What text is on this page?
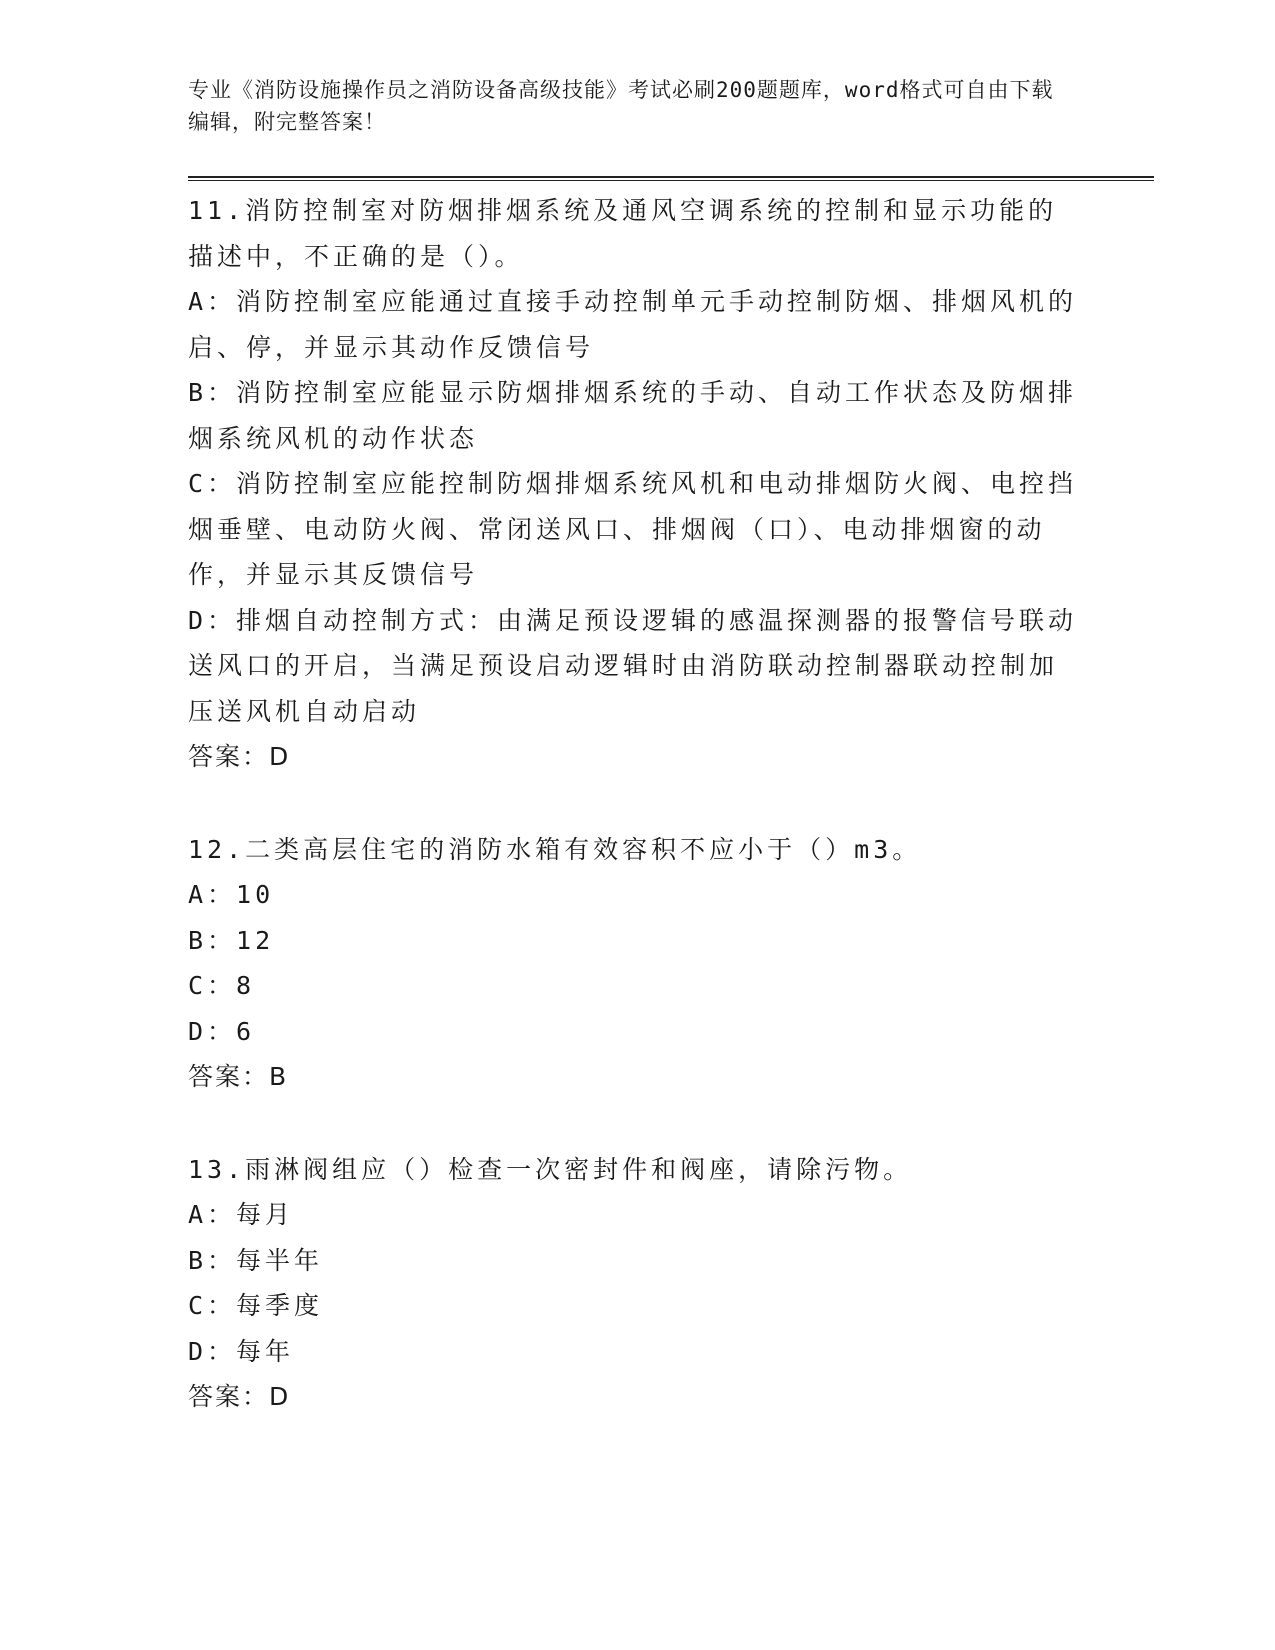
专业《消防设施操作员之消防设备高级技能》考试必刷200题题库，word格式可自由下载编辑，附完整答案！
11.消防控制室对防烟排烟系统及通风空调系统的控制和显示功能的描述中，不正确的是（）。
A：消防控制室应能通过直接手动控制单元手动控制防烟、排烟风机的启、停，并显示其动作反馈信号
B：消防控制室应能显示防烟排烟系统的手动、自动工作状态及防烟排烟系统风机的动作状态
C：消防控制室应能控制防烟排烟系统风机和电动排烟防火阀、电控挡烟垂壁、电动防火阀、常闭送风口、排烟阀（口）、电动排烟窗的动作，并显示其反馈信号
D：排烟自动控制方式：由满足预设逻辑的感温探测器的报警信号联动送风口的开启，当满足预设启动逻辑时由消防联动控制器联动控制加压送风机自动启动
答案：D
12.二类高层住宅的消防水箱有效容积不应小于（）m3。
A：10
B：12
C：8
D：6
答案：B
13.雨淋阀组应（）检查一次密封件和阀座，请除污物。
A：每月
B：每半年
C：每季度
D：每年
答案：D
